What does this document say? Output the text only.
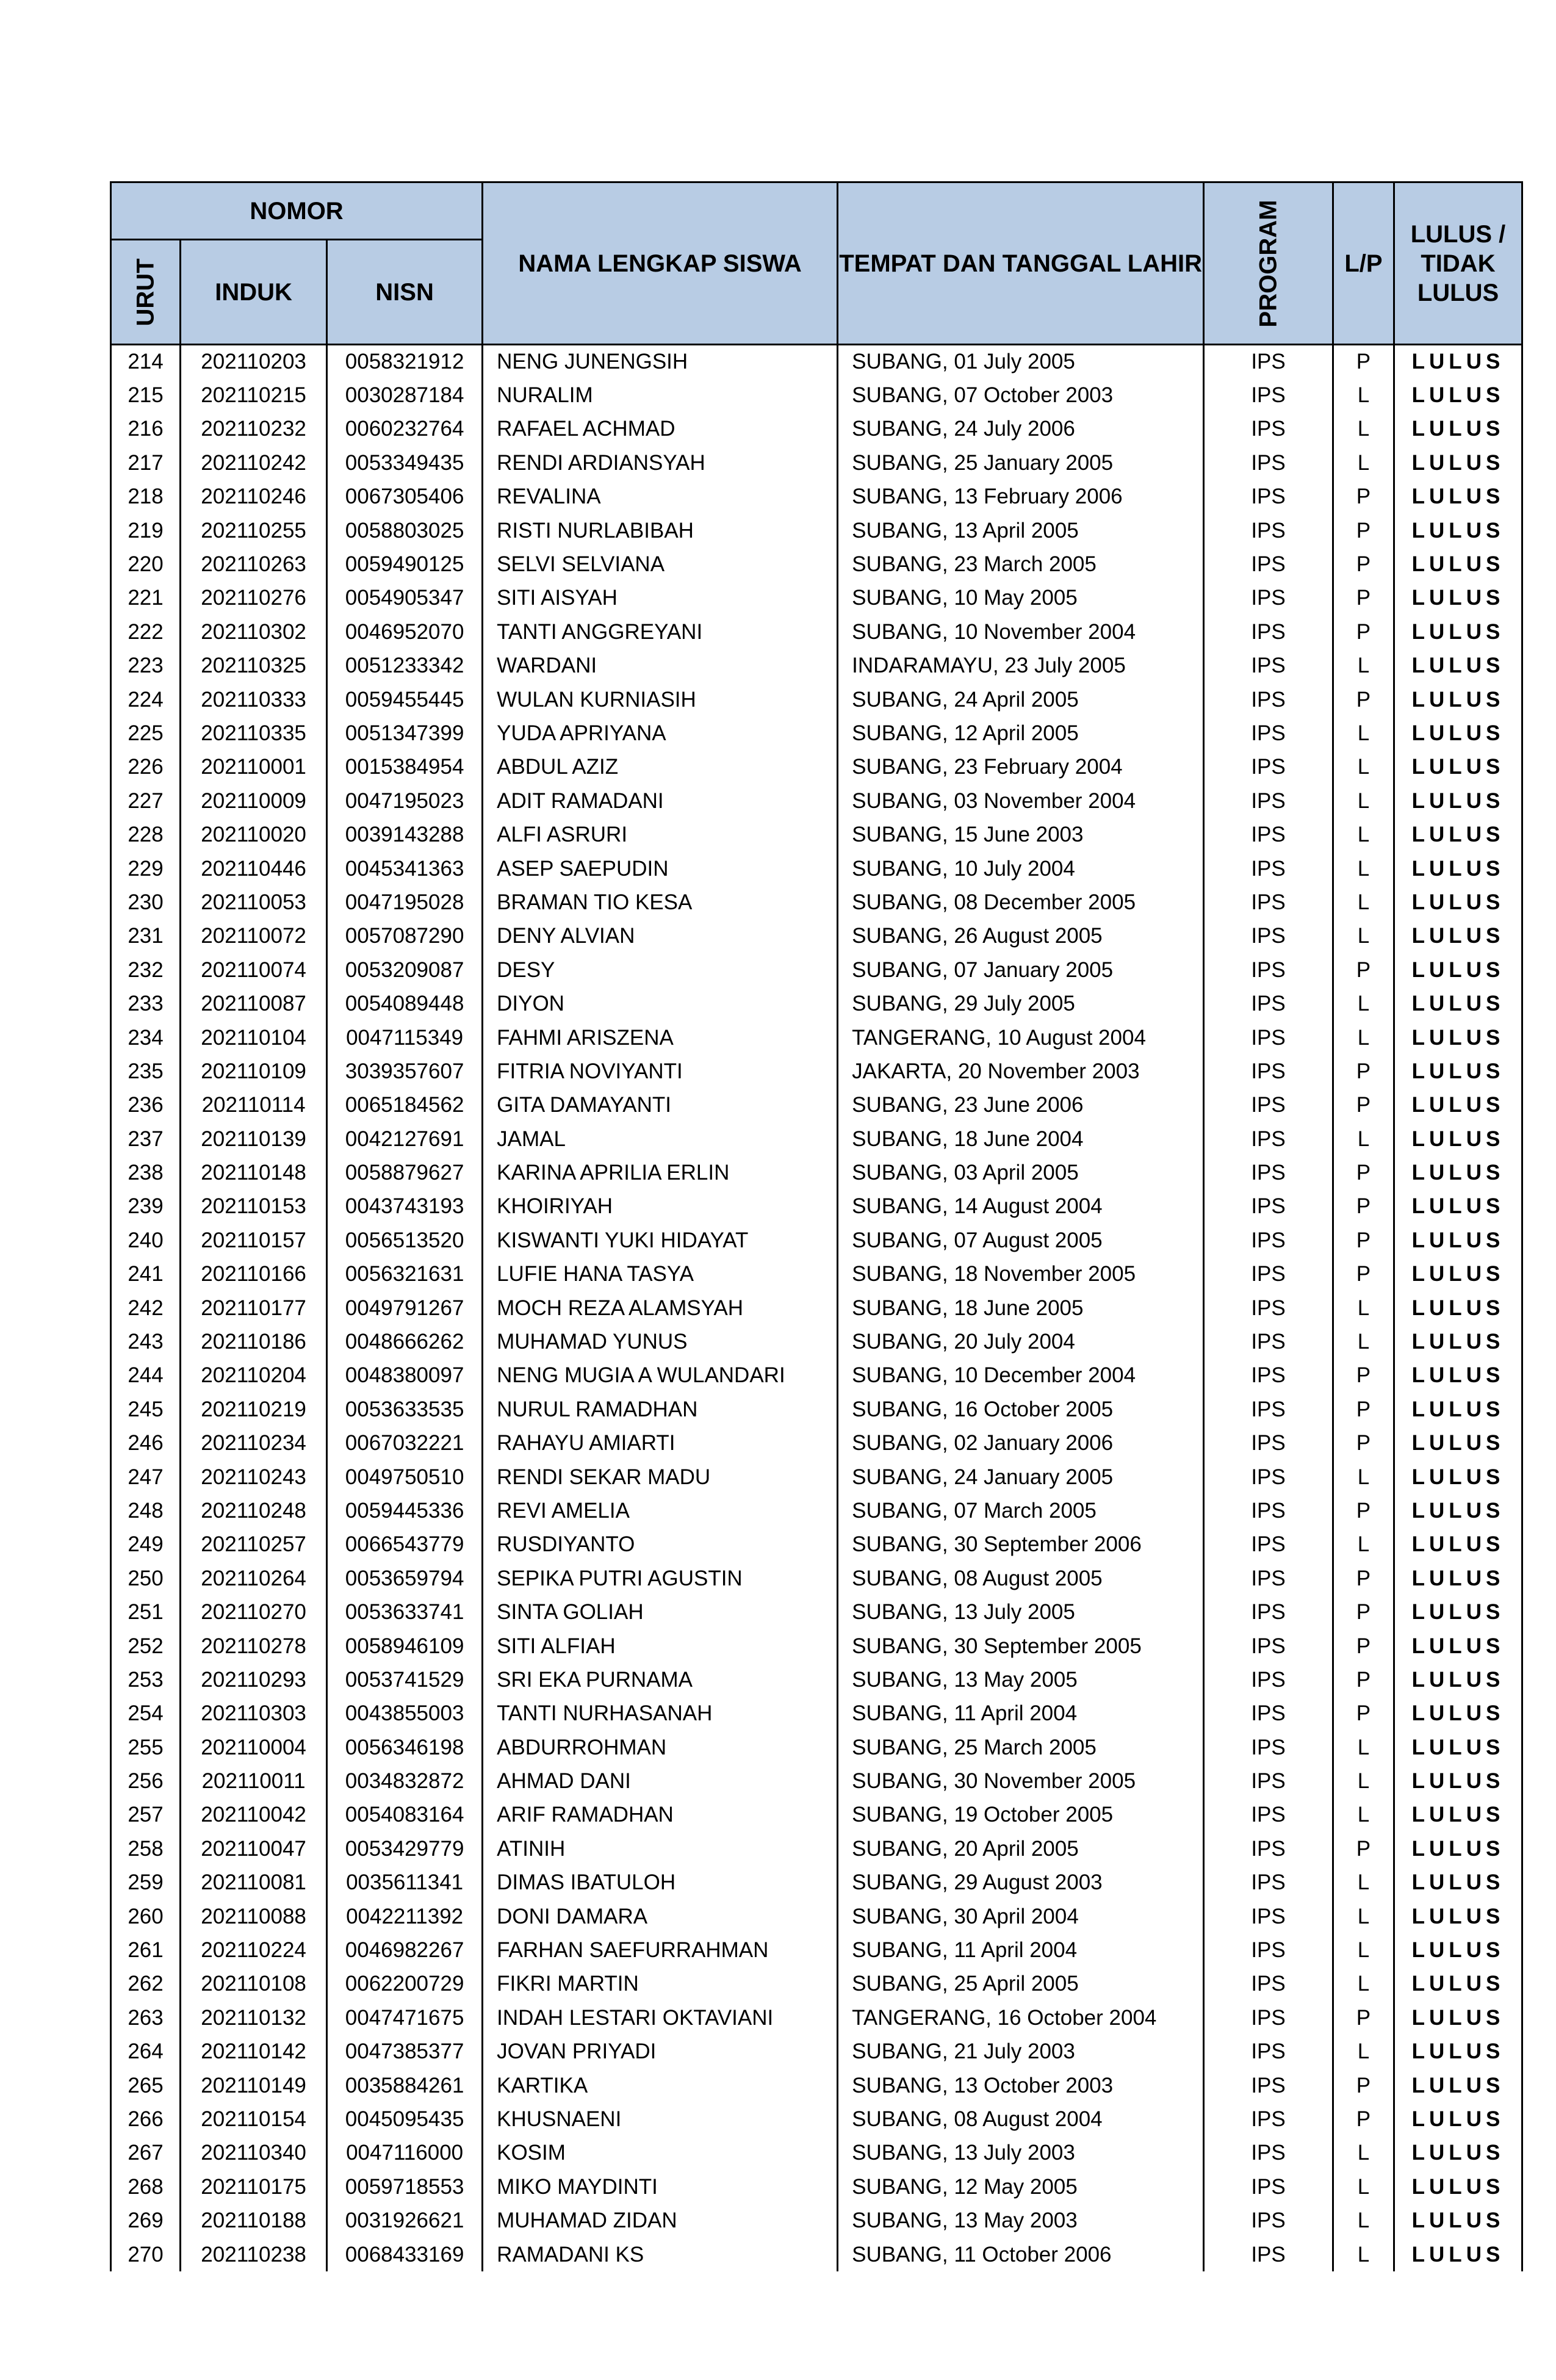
NOMOR			NAMA LENGKAP SISWA	TEMPAT DAN TANGGAL LAHIR	PROGRAM	L/P	LULUS /
TIDAK
LULUS
URUT	INDUK	NISN					
214	202110203	0058321912	NENG JUNENGSIH	SUBANG, 01 July 2005	IPS	P	LULUS
215	202110215	0030287184	NURALIM	SUBANG, 07 October 2003	IPS	L	LULUS
216	202110232	0060232764	RAFAEL ACHMAD	SUBANG, 24 July 2006	IPS	L	LULUS
217	202110242	0053349435	RENDI ARDIANSYAH	SUBANG, 25 January 2005	IPS	L	LULUS
218	202110246	0067305406	REVALINA	SUBANG, 13 February 2006	IPS	P	LULUS
219	202110255	0058803025	RISTI NURLABIBAH	SUBANG, 13 April 2005	IPS	P	LULUS
220	202110263	0059490125	SELVI SELVIANA	SUBANG, 23 March 2005	IPS	P	LULUS
221	202110276	0054905347	SITI AISYAH	SUBANG, 10 May 2005	IPS	P	LULUS
222	202110302	0046952070	TANTI ANGGREYANI	SUBANG, 10 November 2004	IPS	P	LULUS
223	202110325	0051233342	WARDANI	INDARAMAYU, 23 July 2005	IPS	L	LULUS
224	202110333	0059455445	WULAN KURNIASIH	SUBANG, 24 April 2005	IPS	P	LULUS
225	202110335	0051347399	YUDA APRIYANA	SUBANG, 12 April 2005	IPS	L	LULUS
226	202110001	0015384954	ABDUL AZIZ	SUBANG, 23 February 2004	IPS	L	LULUS
227	202110009	0047195023	ADIT RAMADANI	SUBANG, 03 November 2004	IPS	L	LULUS
228	202110020	0039143288	ALFI ASRURI	SUBANG, 15 June 2003	IPS	L	LULUS
229	202110446	0045341363	ASEP SAEPUDIN	SUBANG, 10 July 2004	IPS	L	LULUS
230	202110053	0047195028	BRAMAN TIO KESA	SUBANG, 08 December 2005	IPS	L	LULUS
231	202110072	0057087290	DENY ALVIAN	SUBANG, 26 August 2005	IPS	L	LULUS
232	202110074	0053209087	DESY	SUBANG, 07 January 2005	IPS	P	LULUS
233	202110087	0054089448	DIYON	SUBANG, 29 July 2005	IPS	L	LULUS
234	202110104	0047115349	FAHMI ARISZENA	TANGERANG, 10 August 2004	IPS	L	LULUS
235	202110109	3039357607	FITRIA NOVIYANTI	JAKARTA, 20 November 2003	IPS	P	LULUS
236	202110114	0065184562	GITA DAMAYANTI	SUBANG, 23 June 2006	IPS	P	LULUS
237	202110139	0042127691	JAMAL	SUBANG, 18 June 2004	IPS	L	LULUS
238	202110148	0058879627	KARINA APRILIA ERLIN	SUBANG, 03 April 2005	IPS	P	LULUS
239	202110153	0043743193	KHOIRIYAH	SUBANG, 14 August 2004	IPS	P	LULUS
240	202110157	0056513520	KISWANTI YUKI HIDAYAT	SUBANG, 07 August 2005	IPS	P	LULUS
241	202110166	0056321631	LUFIE HANA TASYA	SUBANG, 18 November 2005	IPS	P	LULUS
242	202110177	0049791267	MOCH REZA ALAMSYAH	SUBANG, 18 June 2005	IPS	L	LULUS
243	202110186	0048666262	MUHAMAD YUNUS	SUBANG, 20 July 2004	IPS	L	LULUS
244	202110204	0048380097	NENG MUGIA A WULANDARI	SUBANG, 10 December 2004	IPS	P	LULUS
245	202110219	0053633535	NURUL RAMADHAN	SUBANG, 16 October 2005	IPS	P	LULUS
246	202110234	0067032221	RAHAYU AMIARTI	SUBANG, 02 January 2006	IPS	P	LULUS
247	202110243	0049750510	RENDI SEKAR MADU	SUBANG, 24 January 2005	IPS	L	LULUS
248	202110248	0059445336	REVI AMELIA	SUBANG, 07 March 2005	IPS	P	LULUS
249	202110257	0066543779	RUSDIYANTO	SUBANG, 30 September 2006	IPS	L	LULUS
250	202110264	0053659794	SEPIKA PUTRI AGUSTIN	SUBANG, 08 August 2005	IPS	P	LULUS
251	202110270	0053633741	SINTA GOLIAH	SUBANG, 13 July 2005	IPS	P	LULUS
252	202110278	0058946109	SITI ALFIAH	SUBANG, 30 September 2005	IPS	P	LULUS
253	202110293	0053741529	SRI EKA PURNAMA	SUBANG, 13 May 2005	IPS	P	LULUS
254	202110303	0043855003	TANTI NURHASANAH	SUBANG, 11 April 2004	IPS	P	LULUS
255	202110004	0056346198	ABDURROHMAN	SUBANG, 25 March 2005	IPS	L	LULUS
256	202110011	0034832872	AHMAD DANI	SUBANG, 30 November 2005	IPS	L	LULUS
257	202110042	0054083164	ARIF RAMADHAN	SUBANG, 19 October 2005	IPS	L	LULUS
258	202110047	0053429779	ATINIH	SUBANG, 20 April 2005	IPS	P	LULUS
259	202110081	0035611341	DIMAS IBATULOH	SUBANG, 29 August 2003	IPS	L	LULUS
260	202110088	0042211392	DONI DAMARA	SUBANG, 30 April 2004	IPS	L	LULUS
261	202110224	0046982267	FARHAN SAEFURRAHMAN	SUBANG, 11 April 2004	IPS	L	LULUS
262	202110108	0062200729	FIKRI MARTIN	SUBANG, 25 April 2005	IPS	L	LULUS
263	202110132	0047471675	INDAH LESTARI OKTAVIANI	TANGERANG, 16 October 2004	IPS	P	LULUS
264	202110142	0047385377	JOVAN PRIYADI	SUBANG, 21 July 2003	IPS	L	LULUS
265	202110149	0035884261	KARTIKA	SUBANG, 13 October 2003	IPS	P	LULUS
266	202110154	0045095435	KHUSNAENI	SUBANG, 08 August 2004	IPS	P	LULUS
267	202110340	0047116000	KOSIM	SUBANG, 13 July 2003	IPS	L	LULUS
268	202110175	0059718553	MIKO MAYDINTI	SUBANG, 12 May 2005	IPS	L	LULUS
269	202110188	0031926621	MUHAMAD ZIDAN	SUBANG, 13 May 2003	IPS	L	LULUS
270	202110238	0068433169	RAMADANI KS	SUBANG, 11 October 2006	IPS	L	LULUS
